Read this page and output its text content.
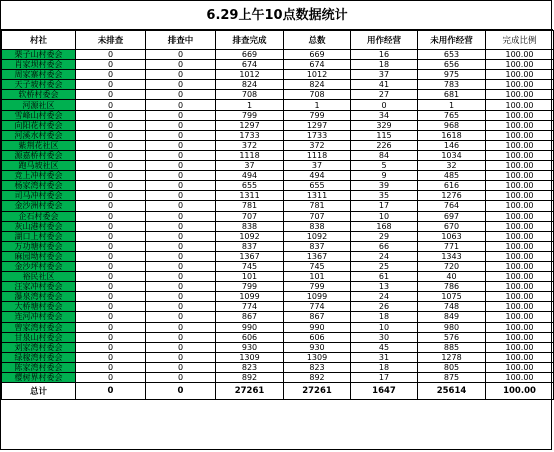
6.29上午10点数据统计
村社	未排查	排查中	排查完成	总数	用作经营	未用作经营	完成比例
栗子山村委会	0	0	669	669	16	653	100.00
肖家坝村委会	0	0	674	674	18	656	100.00
周家寨村委会	0	0	1012	1012	37	975	100.00
天子坡村委会	0	0	824	824	41	783	100.00
软桥村委会	0	0	708	708	27	681	100.00
河源社区	0	0	1	1	0	1	100.00
雪峰山村委会	0	0	799	799	34	765	100.00
向阳花村委会	0	0	1297	1297	329	968	100.00
河溪水村委会	0	0	1733	1733	115	1618	100.00
紫荆花社区	0	0	372	372	226	146	100.00
源嘉桥村委会	0	0	1118	1118	84	1034	100.00
跑马坡社区	0	0	37	37	5	32	100.00
竞上冲村委会	0	0	494	494	9	485	100.00
杨家湾村委会	0	0	655	655	39	616	100.00
司马冲村委会	0	0	1311	1311	35	1276	100.00
金沙洲村委会	0	0	781	781	17	764	100.00
企石村委会	0	0	707	707	10	697	100.00
灰山港村委会	0	0	838	838	168	670	100.00
湖口上村委会	0	0	1092	1092	29	1063	100.00
万功塘村委会	0	0	837	837	66	771	100.00
麻园坳村委会	0	0	1367	1367	24	1343	100.00
金沙坪村委会	0	0	745	745	25	720	100.00
裕民社区	0	0	101	101	61	40	100.00
汪家冲村委会	0	0	799	799	13	786	100.00
瀑泉湾村委会	0	0	1099	1099	24	1075	100.00
大桥塘村委会	0	0	774	774	26	748	100.00
连河冲村委会	0	0	867	867	18	849	100.00
曾家湾村委会	0	0	990	990	10	980	100.00
甘泉山村委会	0	0	606	606	30	576	100.00
刘家湾村委会	0	0	930	930	45	885	100.00
绿稼湾村委会	0	0	1309	1309	31	1278	100.00
陈家湾村委会	0	0	823	823	18	805	100.00
樱树界村委会	0	0	892	892	17	875	100.00
总计	0	0	27261	27261	1647	25614	100.00
